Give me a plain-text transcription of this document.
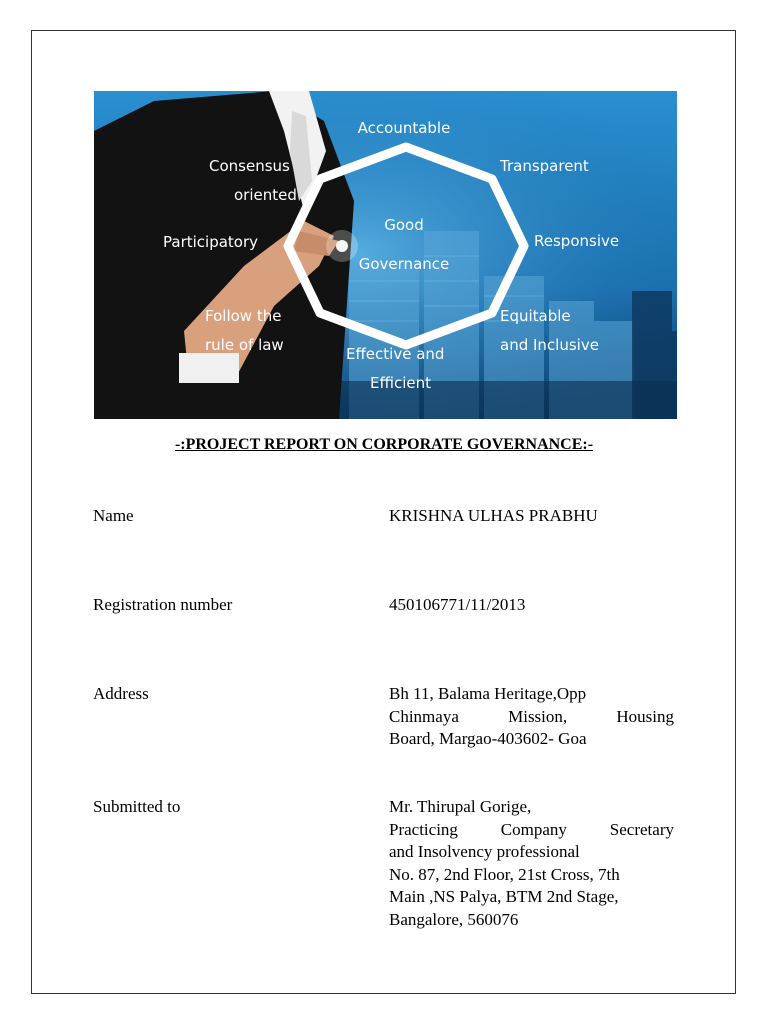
Good
Governance
Accountable
Transparent
Consensus
oriented
Participatory	Responsive
Follow the
rule of law
Equitable
and Inclusive
Effective and
Efficient
-:PROJECT REPORT ON CORPORATE GOVERNANCE:-
Name	KRISHNA ULHAS PRABHU
Registration number	450106771/11/2013
Address	Bh 11, Balama Heritage,Opp
Chinmaya Mission, Housing
Board, Margao-403602- Goa
Submitted to	Mr. Thirupal Gorige,
Practicing Company Secretary
and Insolvency professional
No. 87, 2nd Floor, 21st Cross, 7th
Main ,NS Palya, BTM 2nd Stage,
Bangalore, 560076
